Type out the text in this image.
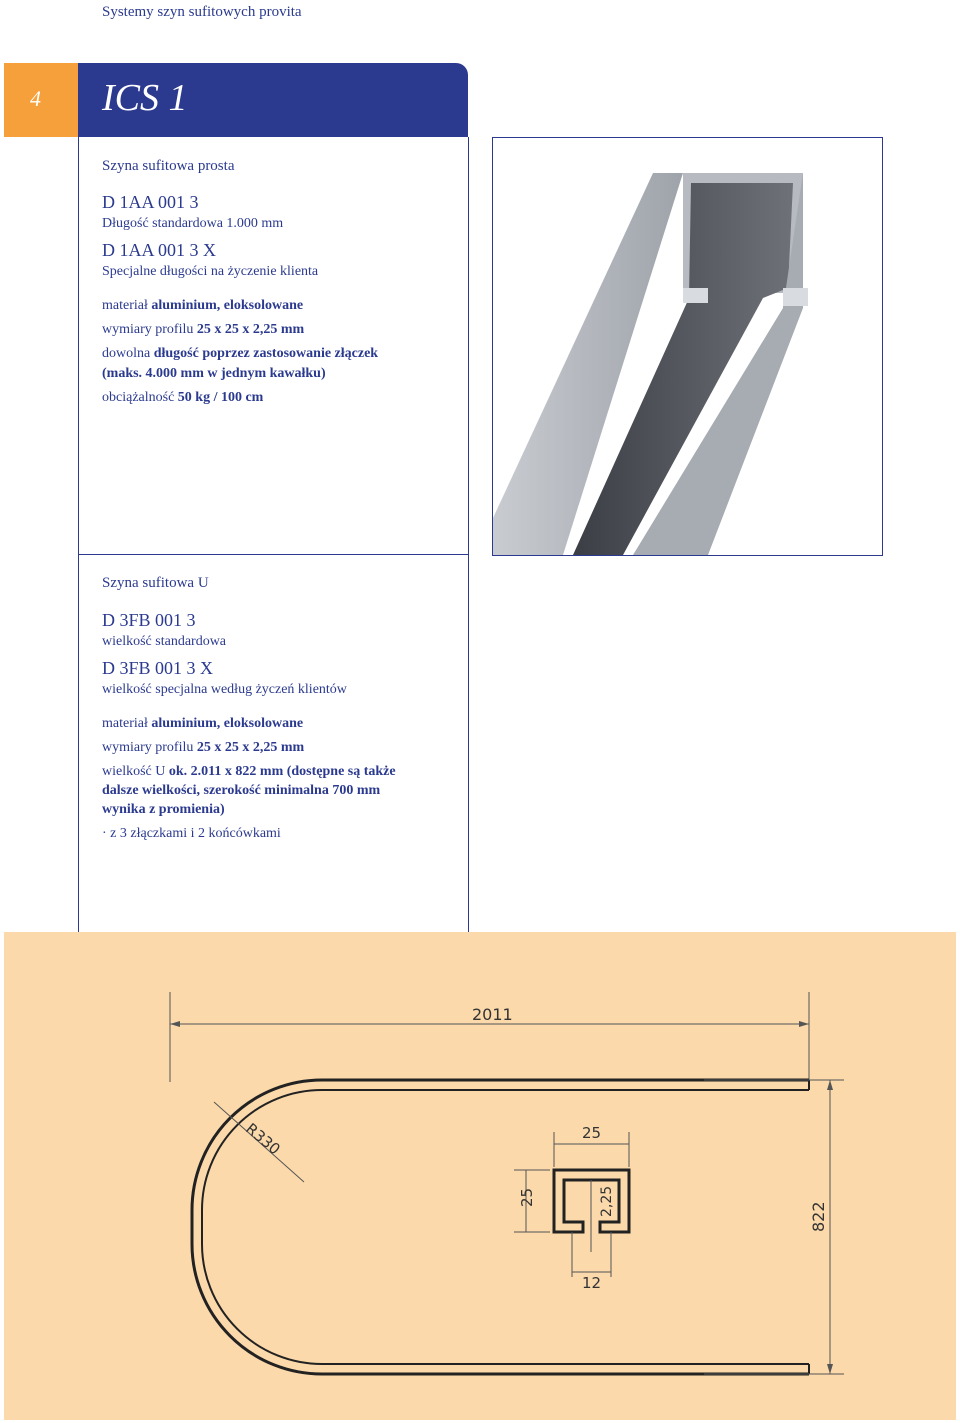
Systemy szyn sufitowych provita
4 ICS 1
Szyna sufitowa prosta
D 1AA 001 3
Długość standardowa 1.000 mm
D 1AA 001 3 X
Specjalne długości na życzenie klienta
materiał aluminium, eloksolowane
wymiary profilu 25 x 25 x 2,25 mm
dowolna długość poprzez zastosowanie złączek
(maks. 4.000 mm w jednym kawałku)
obciążalność 50 kg / 100 cm
Szyna sufitowa U
D 3FB 001 3
wielkość standardowa
D 3FB 001 3 X
wielkość specjalna według życzeń klientów
materiał aluminium, eloksolowane
wymiary profilu 25 x 25 x 2,25 mm
wielkość U ok. 2.011 x 822 mm (dostępne są także
dalsze wielkości, szerokość minimalna 700 mm
wynika z promienia)
· z 3 złączkami i 2 końcówkami
2011
R330
822
25
25	2,25
12
